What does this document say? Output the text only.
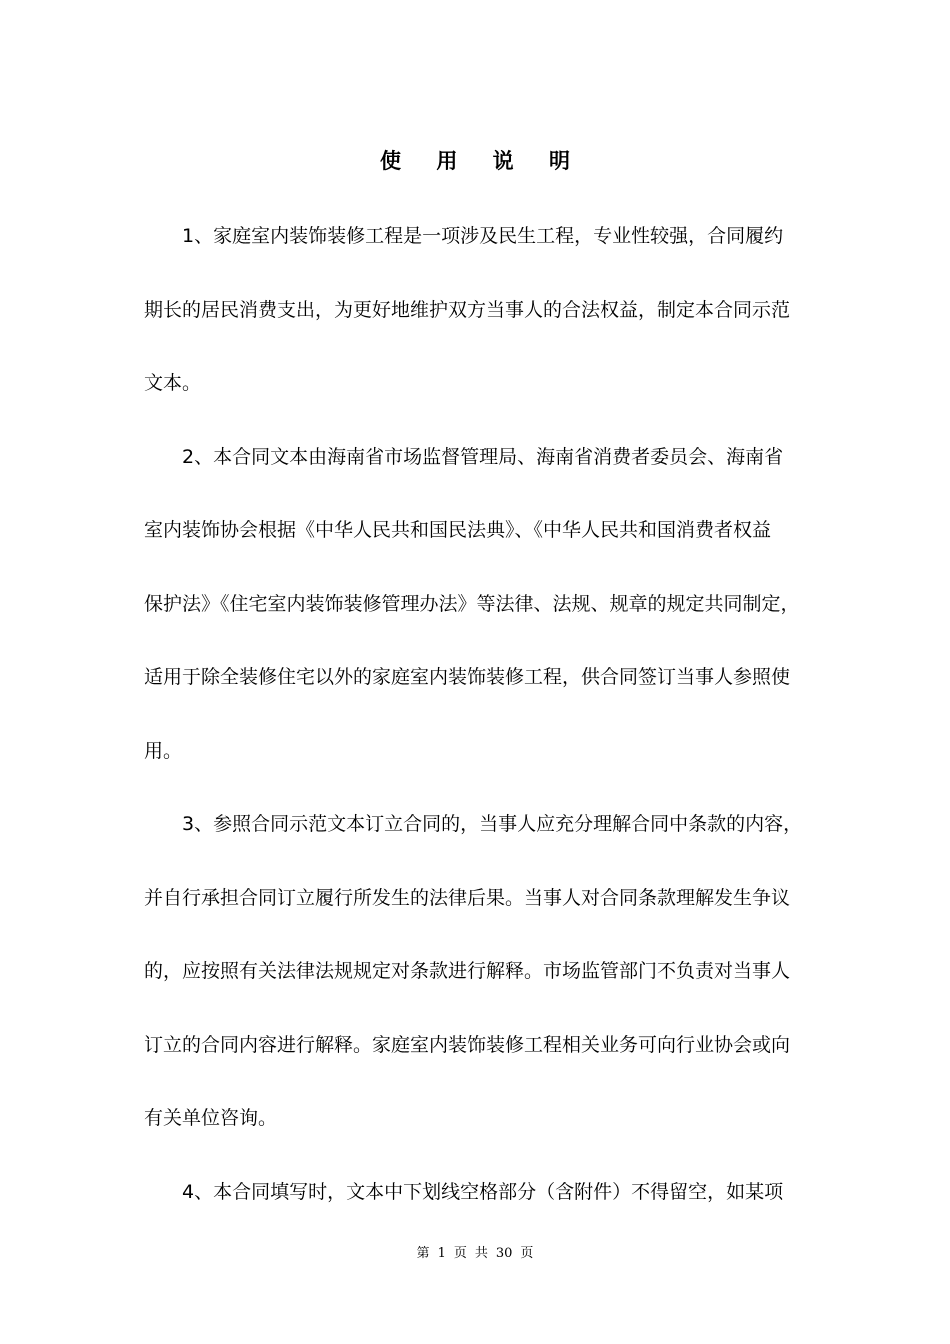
使 用 说 明

1、家庭室内装饰装修工程是一项涉及民生工程，专业性较强，合同履约
期长的居民消费支出，为更好地维护双方当事人的合法权益，制定本合同示范
文本。

2、本合同文本由海南省市场监督管理局、海南省消费者委员会、海南省
室内装饰协会根据《中华人民共和国民法典》、《中华人民共和国消费者权益
保护法》《住宅室内装饰装修管理办法》等法律、法规、规章的规定共同制定，
适用于除全装修住宅以外的家庭室内装饰装修工程，供合同签订当事人参照使
用。

3、参照合同示范文本订立合同的，当事人应充分理解合同中条款的内容，
并自行承担合同订立履行所发生的法律后果。当事人对合同条款理解发生争议
的，应按照有关法律法规规定对条款进行解释。市场监管部门不负责对当事人
订立的合同内容进行解释。家庭室内装饰装修工程相关业务可向行业协会或向
有关单位咨询。

4、本合同填写时，文本中下划线空格部分（含附件）不得留空，如某项

第 1 页 共 30 页
